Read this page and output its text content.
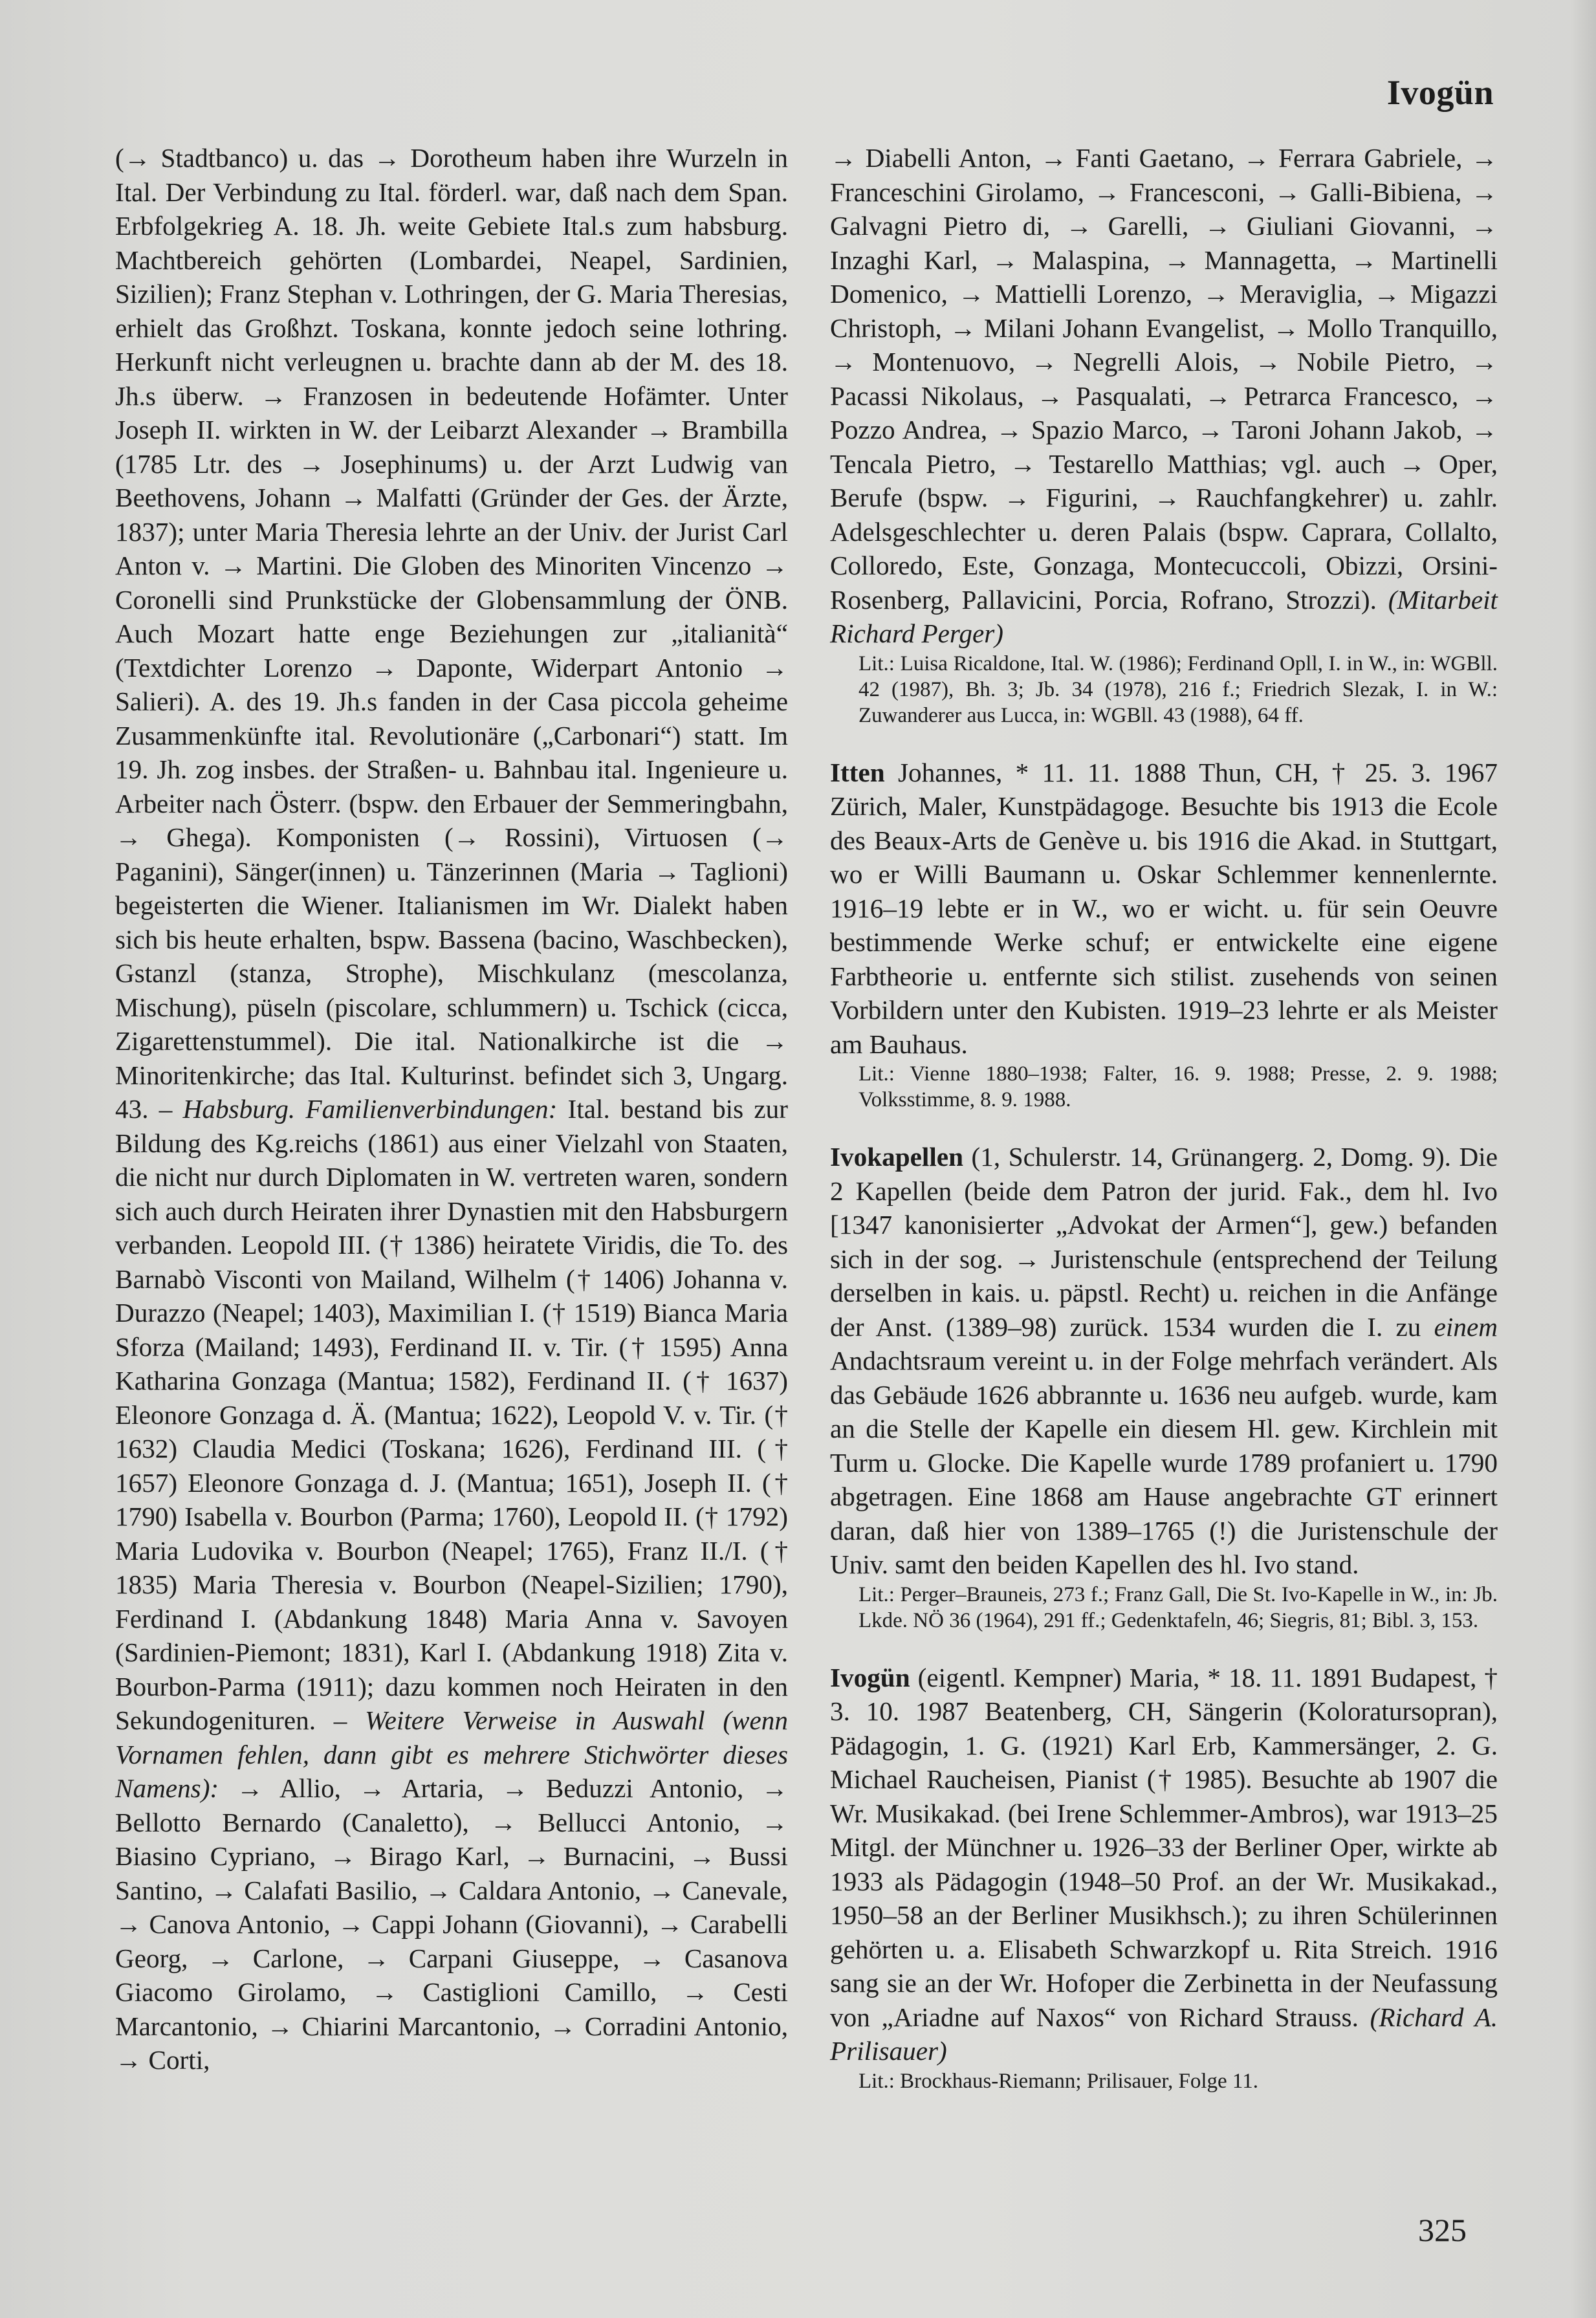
Ivogün

(→ Stadtbanco) u. das → Dorotheum haben ihre Wurzeln in Ital. Der Verbindung zu Ital. förderl. war, daß nach dem Span. Erbfolgekrieg A. 18. Jh. weite Gebiete Ital.s zum habsburg. Machtbereich gehörten (Lombardei, Neapel, Sardinien, Sizilien); Franz Stephan v. Lothringen, der G. Maria Theresias, erhielt das Großhzt. Toskana, konnte jedoch seine lothring. Herkunft nicht verleugnen u. brachte dann ab der M. des 18. Jh.s überw. → Franzosen in bedeutende Hofämter. Unter Joseph II. wirkten in W. der Leibarzt Alexander → Brambilla (1785 Ltr. des → Josephinums) u. der Arzt Ludwig van Beethovens, Johann → Malfatti (Gründer der Ges. der Ärzte, 1837); unter Maria Theresia lehrte an der Univ. der Jurist Carl Anton v. → Martini. Die Globen des Minoriten Vincenzo → Coronelli sind Prunkstücke der Globensammlung der ÖNB. Auch Mozart hatte enge Beziehungen zur „italianità“ (Textdichter Lorenzo → Daponte, Widerpart Antonio → Salieri). A. des 19. Jh.s fanden in der Casa piccola geheime Zusammenkünfte ital. Revolutionäre („Carbonari“) statt. Im 19. Jh. zog insbes. der Straßen- u. Bahnbau ital. Ingenieure u. Arbeiter nach Österr. (bspw. den Erbauer der Semmeringbahn, → Ghega). Komponisten (→ Rossini), Virtuosen (→ Paganini), Sänger(innen) u. Tänzerinnen (Maria → Taglioni) begeisterten die Wiener. Italianismen im Wr. Dialekt haben sich bis heute erhalten, bspw. Bassena (bacino, Waschbecken), Gstanzl (stanza, Strophe), Mischkulanz (mescolanza, Mischung), püseln (piscolare, schlummern) u. Tschick (cicca, Zigarettenstummel). Die ital. Nationalkirche ist die → Minoritenkirche; das Ital. Kulturinst. befindet sich 3, Ungarg. 43. – Habsburg. Familienverbindungen: Ital. bestand bis zur Bildung des Kg.reichs (1861) aus einer Vielzahl von Staaten, die nicht nur durch Diplomaten in W. vertreten waren, sondern sich auch durch Heiraten ihrer Dynastien mit den Habsburgern verbanden. Leopold III. († 1386) heiratete Viridis, die To. des Barnabò Visconti von Mailand, Wilhelm († 1406) Johanna v. Durazzo (Neapel; 1403), Maximilian I. († 1519) Bianca Maria Sforza (Mailand; 1493), Ferdinand II. v. Tir. († 1595) Anna Katharina Gonzaga (Mantua; 1582), Ferdinand II. († 1637) Eleonore Gonzaga d. Ä. (Mantua; 1622), Leopold V. v. Tir. († 1632) Claudia Medici (Toskana; 1626), Ferdinand III. († 1657) Eleonore Gonzaga d. J. (Mantua; 1651), Joseph II. († 1790) Isabella v. Bourbon (Parma; 1760), Leopold II. († 1792) Maria Ludovika v. Bourbon (Neapel; 1765), Franz II./I. († 1835) Maria Theresia v. Bourbon (Neapel-Sizilien; 1790), Ferdinand I. (Abdankung 1848) Maria Anna v. Savoyen (Sardinien-Piemont; 1831), Karl I. (Abdankung 1918) Zita v. Bourbon-Parma (1911); dazu kommen noch Heiraten in den Sekundogenituren. – Weitere Verweise in Auswahl (wenn Vornamen fehlen, dann gibt es mehrere Stichwörter dieses Namens): → Allio, → Artaria, → Beduzzi Antonio, → Bellotto Bernardo (Canaletto), → Bellucci Antonio, → Biasino Cypriano, → Birago Karl, → Burnacini, → Bussi Santino, → Calafati Basilio, → Caldara Antonio, → Canevale, → Canova Antonio, → Cappi Johann (Giovanni), → Carabelli Georg, → Carlone, → Carpani Giuseppe, → Casanova Giacomo Girolamo, → Castiglioni Camillo, → Cesti Marcantonio, → Chiarini Marcantonio, → Corradini Antonio, → Corti,

→ Diabelli Anton, → Fanti Gaetano, → Ferrara Gabriele, → Franceschini Girolamo, → Francesconi, → Galli-Bibiena, → Galvagni Pietro di, → Garelli, → Giuliani Giovanni, → Inzaghi Karl, → Malaspina, → Mannagetta, → Martinelli Domenico, → Mattielli Lorenzo, → Meraviglia, → Migazzi Christoph, → Milani Johann Evangelist, → Mollo Tranquillo, → Montenuovo, → Negrelli Alois, → Nobile Pietro, → Pacassi Nikolaus, → Pasqualati, → Petrarca Francesco, → Pozzo Andrea, → Spazio Marco, → Taroni Johann Jakob, → Tencala Pietro, → Testarello Matthias; vgl. auch → Oper, Berufe (bspw. → Figurini, → Rauchfangkehrer) u. zahlr. Adelsgeschlechter u. deren Palais (bspw. Caprara, Collalto, Colloredo, Este, Gonzaga, Montecuccoli, Obizzi, Orsini-Rosenberg, Pallavicini, Porcia, Rofrano, Strozzi). (Mitarbeit Richard Perger)

Lit.: Luisa Ricaldone, Ital. W. (1986); Ferdinand Opll, I. in W., in: WGBll. 42 (1987), Bh. 3; Jb. 34 (1978), 216 f.; Friedrich Slezak, I. in W.: Zuwanderer aus Lucca, in: WGBll. 43 (1988), 64 ff.

Itten Johannes, * 11. 11. 1888 Thun, CH, † 25. 3. 1967 Zürich, Maler, Kunstpädagoge. Besuchte bis 1913 die Ecole des Beaux-Arts de Genève u. bis 1916 die Akad. in Stuttgart, wo er Willi Baumann u. Oskar Schlemmer kennenlernte. 1916–19 lebte er in W., wo er wicht. u. für sein Oeuvre bestimmende Werke schuf; er entwickelte eine eigene Farbtheorie u. entfernte sich stilist. zusehends von seinen Vorbildern unter den Kubisten. 1919–23 lehrte er als Meister am Bauhaus.

Lit.: Vienne 1880–1938; Falter, 16. 9. 1988; Presse, 2. 9. 1988; Volksstimme, 8. 9. 1988.

Ivokapellen (1, Schulerstr. 14, Grünangerg. 2, Domg. 9). Die 2 Kapellen (beide dem Patron der jurid. Fak., dem hl. Ivo [1347 kanonisierter „Advokat der Armen“], gew.) befanden sich in der sog. → Juristenschule (entsprechend der Teilung derselben in kais. u. päpstl. Recht) u. reichen in die Anfänge der Anst. (1389–98) zurück. 1534 wurden die I. zu einem Andachtsraum vereint u. in der Folge mehrfach verändert. Als das Gebäude 1626 abbrannte u. 1636 neu aufgeb. wurde, kam an die Stelle der Kapelle ein diesem Hl. gew. Kirchlein mit Turm u. Glocke. Die Kapelle wurde 1789 profaniert u. 1790 abgetragen. Eine 1868 am Hause angebrachte GT erinnert daran, daß hier von 1389–1765 (!) die Juristenschule der Univ. samt den beiden Kapellen des hl. Ivo stand.

Lit.: Perger–Brauneis, 273 f.; Franz Gall, Die St. Ivo-Kapelle in W., in: Jb. Lkde. NÖ 36 (1964), 291 ff.; Gedenktafeln, 46; Siegris, 81; Bibl. 3, 153.

Ivogün (eigentl. Kempner) Maria, * 18. 11. 1891 Budapest, † 3. 10. 1987 Beatenberg, CH, Sängerin (Koloratursopran), Pädagogin, 1. G. (1921) Karl Erb, Kammersänger, 2. G. Michael Raucheisen, Pianist († 1985). Besuchte ab 1907 die Wr. Musikakad. (bei Irene Schlemmer-Ambros), war 1913–25 Mitgl. der Münchner u. 1926–33 der Berliner Oper, wirkte ab 1933 als Pädagogin (1948–50 Prof. an der Wr. Musikakad., 1950–58 an der Berliner Musikhsch.); zu ihren Schülerinnen gehörten u. a. Elisabeth Schwarzkopf u. Rita Streich. 1916 sang sie an der Wr. Hofoper die Zerbinetta in der Neufassung von „Ariadne auf Naxos“ von Richard Strauss. (Richard A. Prilisauer)

Lit.: Brockhaus-Riemann; Prilisauer, Folge 11.

325
